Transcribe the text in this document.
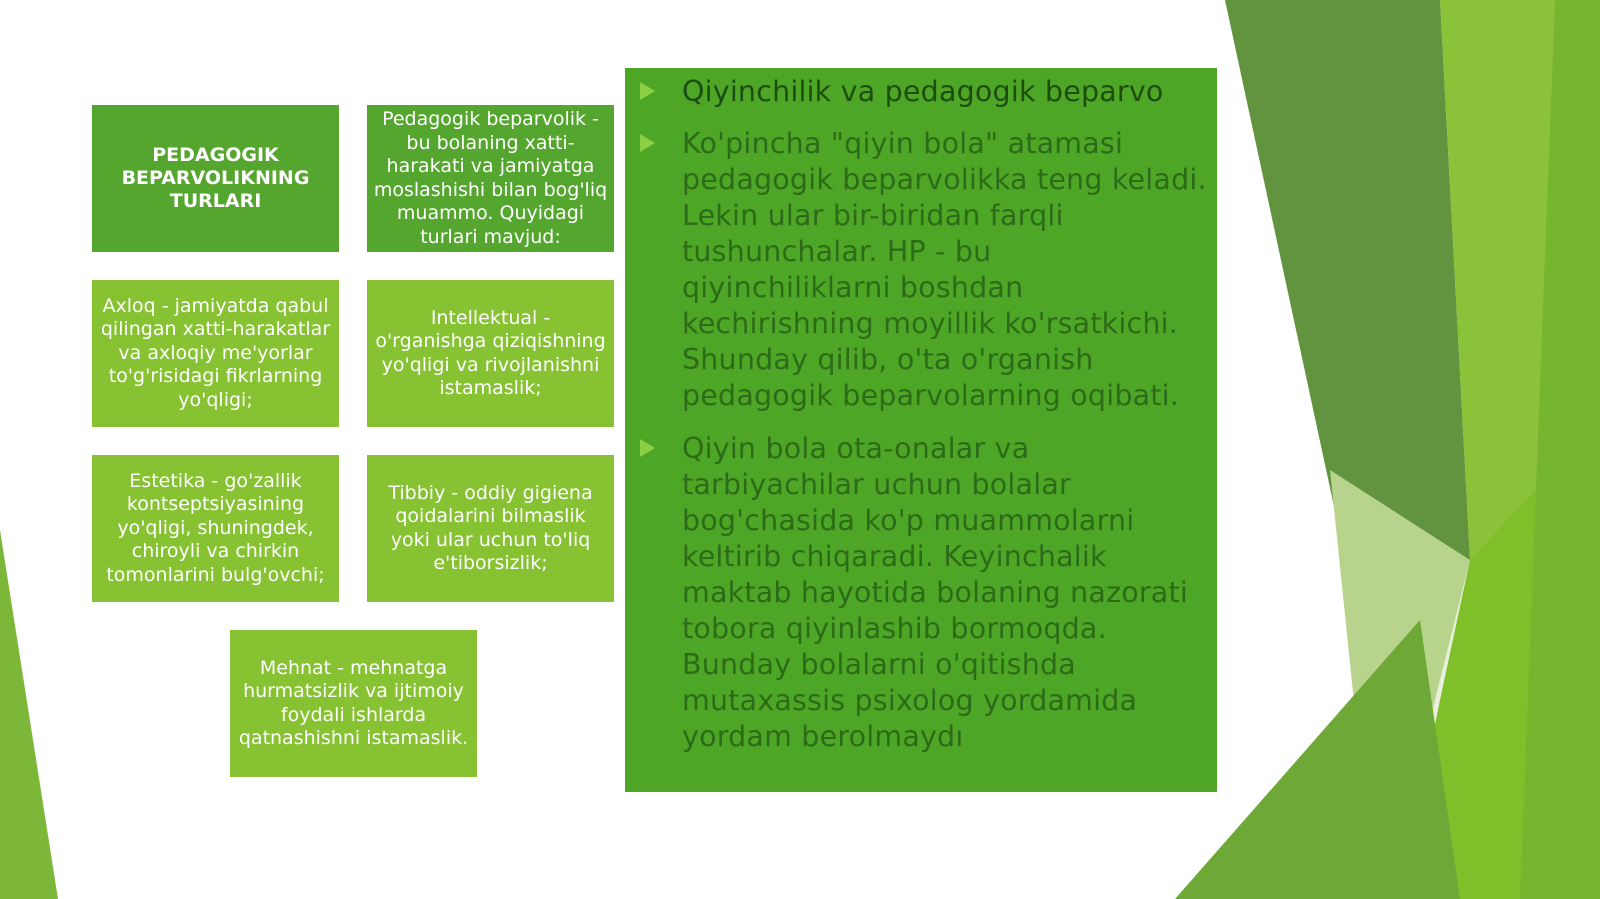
PEDAGOGIK BEPARVOLIKNING TURLARI
Pedagogik beparvolik - bu bolaning xatti-harakati va jamiyatga moslashishi bilan bog'liq muammo. Quyidagi turlari mavjud:
Axloq - jamiyatda qabul qilingan xatti-harakatlar va axloqiy me'yorlar to'g'risidagi fikrlarning yo'qligi;
Intellektual - o'rganishga qiziqishning yo'qligi va rivojlanishni istamaslik;
Estetika - go'zallik kontseptsiyasining yo'qligi, shuningdek, chiroyli va chirkin tomonlarini bulg'ovchi;
Tibbiy - oddiy gigiena qoidalarini bilmaslik yoki ular uchun to'liq e'tiborsizlik;
Mehnat - mehnatga hurmatsizlik va ijtimoiy foydali ishlarda qatnashishni istamaslik.
Qiyinchilik va pedagogik beparvo
Ko'pincha "qiyin bola" atamasi pedagogik beparvolikka teng keladi. Lekin ular bir-biridan farqli tushunchalar. HP - bu qiyinchiliklarni boshdan kechirishning moyillik ko'rsatkichi. Shunday qilib, o'ta o'rganish pedagogik beparvolarning oqibati.
Qiyin bola ota-onalar va tarbiyachilar uchun bolalar bog'chasida ko'p muammolarni keltirib chiqaradi. Keyinchalik maktab hayotida bolaning nazorati tobora qiyinlashib bormoqda. Bunday bolalarni o'qitishda mutaxassis psixolog yordamida yordam berolmaydı
